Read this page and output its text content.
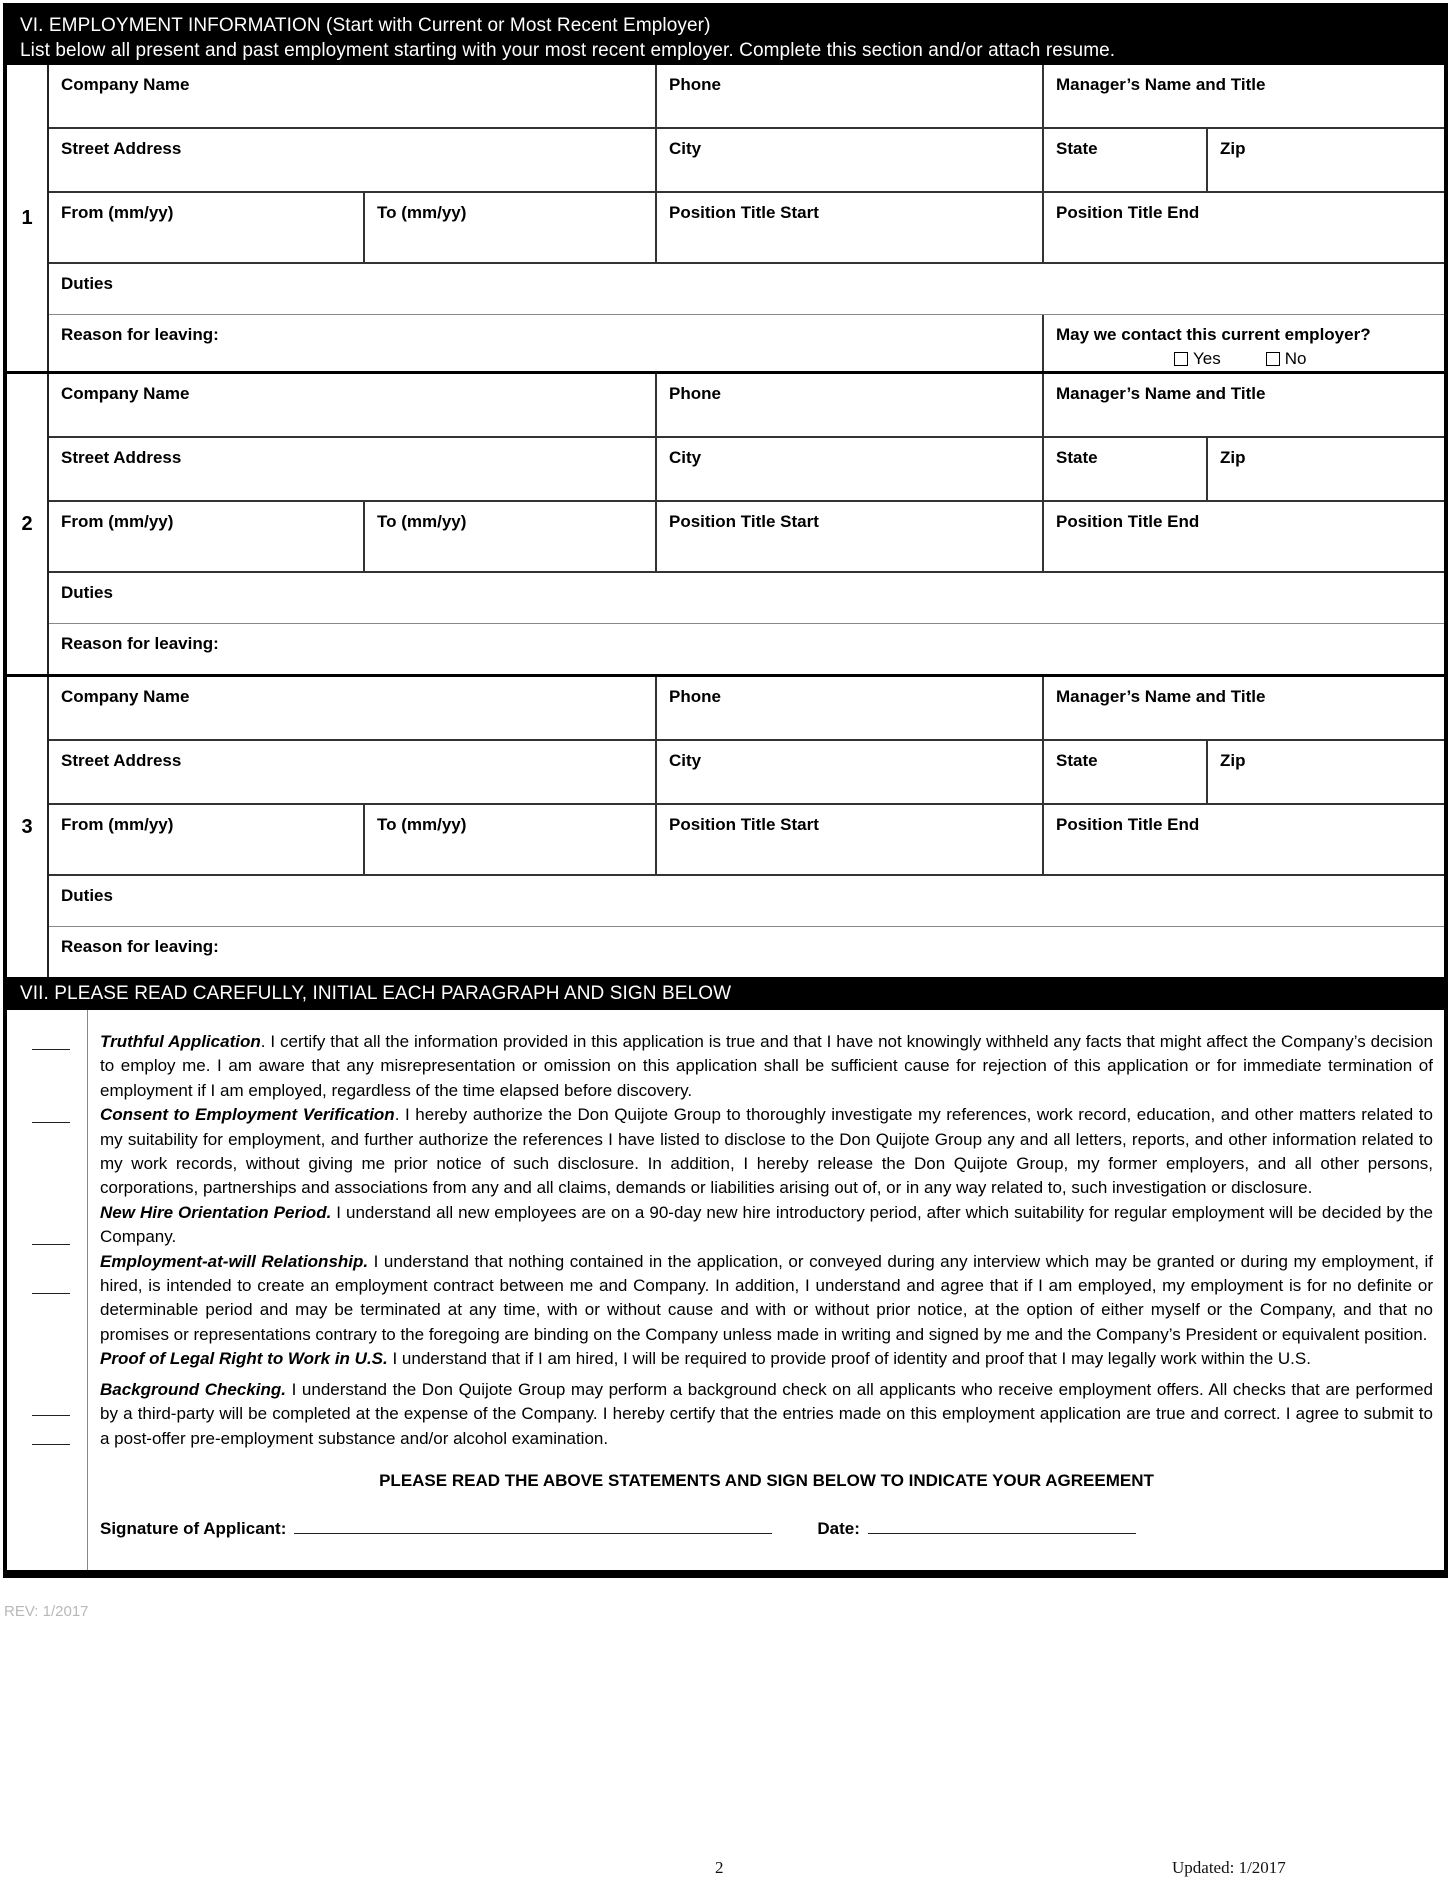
VI. EMPLOYMENT INFORMATION (Start with Current or Most Recent Employer)
List below all present and past employment starting with your most recent employer. Complete this section and/or attach resume.
1
Company Name	Phone	Manager’s Name and Title
Street Address	City	State	Zip
From (mm/yy)	To (mm/yy)	Position Title Start	Position Title End
Duties
Reason for leaving:	May we contact this current employer?
Yes	No
2
Company Name	Phone	Manager’s Name and Title
Street Address	City	State	Zip
From (mm/yy)	To (mm/yy)	Position Title Start	Position Title End
Duties
Reason for leaving:
3
Company Name	Phone	Manager’s Name and Title
Street Address	City	State	Zip
From (mm/yy)	To (mm/yy)	Position Title Start	Position Title End
Duties
Reason for leaving:
VII. PLEASE READ CAREFULLY, INITIAL EACH PARAGRAPH AND SIGN BELOW

Truthful Application. I certify that all the information provided in this application is true and that I have not knowingly withheld any facts that might affect the Company’s decision to employ me. I am aware that any misrepresentation or omission on this application shall be sufficient cause for rejection of this application or for immediate termination of employment if I am employed, regardless of the time elapsed before discovery.

Consent to Employment Verification. I hereby authorize the Don Quijote Group to thoroughly investigate my references, work record, education, and other matters related to my suitability for employment, and further authorize the references I have listed to disclose to the Don Quijote Group any and all letters, reports, and other information related to my work records, without giving me prior notice of such disclosure. In addition, I hereby release the Don Quijote Group, my former employers, and all other persons, corporations, partnerships and associations from any and all claims, demands or liabilities arising out of, or in any way related to, such investigation or disclosure.

New Hire Orientation Period. I understand all new employees are on a 90-day new hire introductory period, after which suitability for regular employment will be decided by the Company.

Employment-at-will Relationship. I understand that nothing contained in the application, or conveyed during any interview which may be granted or during my employment, if hired, is intended to create an employment contract between me and Company. In addition, I understand and agree that if I am employed, my employment is for no definite or determinable period and may be terminated at any time, with or without cause and with or without prior notice, at the option of either myself or the Company, and that no promises or representations contrary to the foregoing are binding on the Company unless made in writing and signed by me and the Company’s President or equivalent position.

Proof of Legal Right to Work in U.S. I understand that if I am hired, I will be required to provide proof of identity and proof that I may legally work within the U.S.

Background Checking. I understand the Don Quijote Group may perform a background check on all applicants who receive employment offers. All checks that are performed by a third-party will be completed at the expense of the Company. I hereby certify that the entries made on this employment application are true and correct. I agree to submit to a post-offer pre-employment substance and/or alcohol examination.

PLEASE READ THE ABOVE STATEMENTS AND SIGN BELOW TO INDICATE YOUR AGREEMENT
Signature of Applicant:	Date:
REV: 1/2017
2	Updated: 1/2017
